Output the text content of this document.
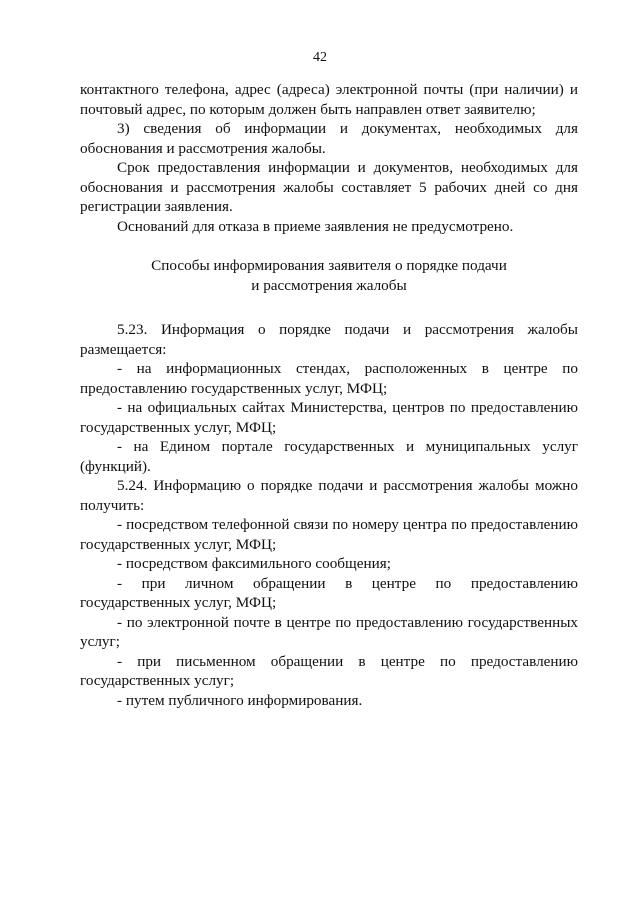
42

контактного телефона, адрес (адреса) электронной почты (при наличии) и почтовый адрес, по которым должен быть направлен ответ заявителю;

3) сведения об информации и документах, необходимых для обоснования и рассмотрения жалобы.

Срок предоставления информации и документов, необходимых для обоснования и рассмотрения жалобы составляет 5 рабочих дней со дня регистрации заявления.

Оснований для отказа в приеме заявления не предусмотрено.

Способы информирования заявителя о порядке подачи
и рассмотрения жалобы

5.23. Информация о порядке подачи и рассмотрения жалобы размещается:

- на информационных стендах, расположенных в центре по предоставлению государственных услуг, МФЦ;

- на официальных сайтах Министерства, центров по предоставлению государственных услуг, МФЦ;

- на Едином портале государственных и муниципальных услуг (функций).

5.24. Информацию о порядке подачи и рассмотрения жалобы можно получить:

- посредством телефонной связи по номеру центра по предоставлению государственных услуг, МФЦ;

- посредством факсимильного сообщения;

- при личном обращении в центре по предоставлению государственных услуг, МФЦ;

- по электронной почте в центре по предоставлению государственных услуг;

- при письменном обращении в центре по предоставлению государственных услуг;

- путем публичного информирования.
